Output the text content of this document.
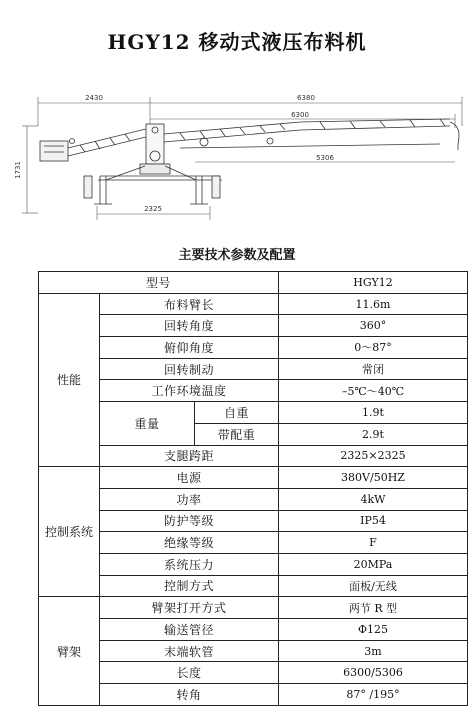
HGY12 移动式液压布料机
2430	6380
6300
5306
1731
2325
主要技术参数及配置
型号			HGY12
性能	布料臂长		11.6m
	回转角度		360°
	俯仰角度		0～87°
	回转制动		常闭
	工作环境温度		–5℃～40℃
	重量	自重	1.9t
		带配重	2.9t
	支腿跨距		2325×2325
控制系统	电源		380V/50HZ
	功率		4kW
	防护等级		IP54
	绝缘等级		F
	系统压力		20MPa
	控制方式		面板/无线
臂架	臂架打开方式		两节 R 型
	输送管径		Φ125
	末端软管		3m
	长度		6300/5306
	转角		87° /195°
